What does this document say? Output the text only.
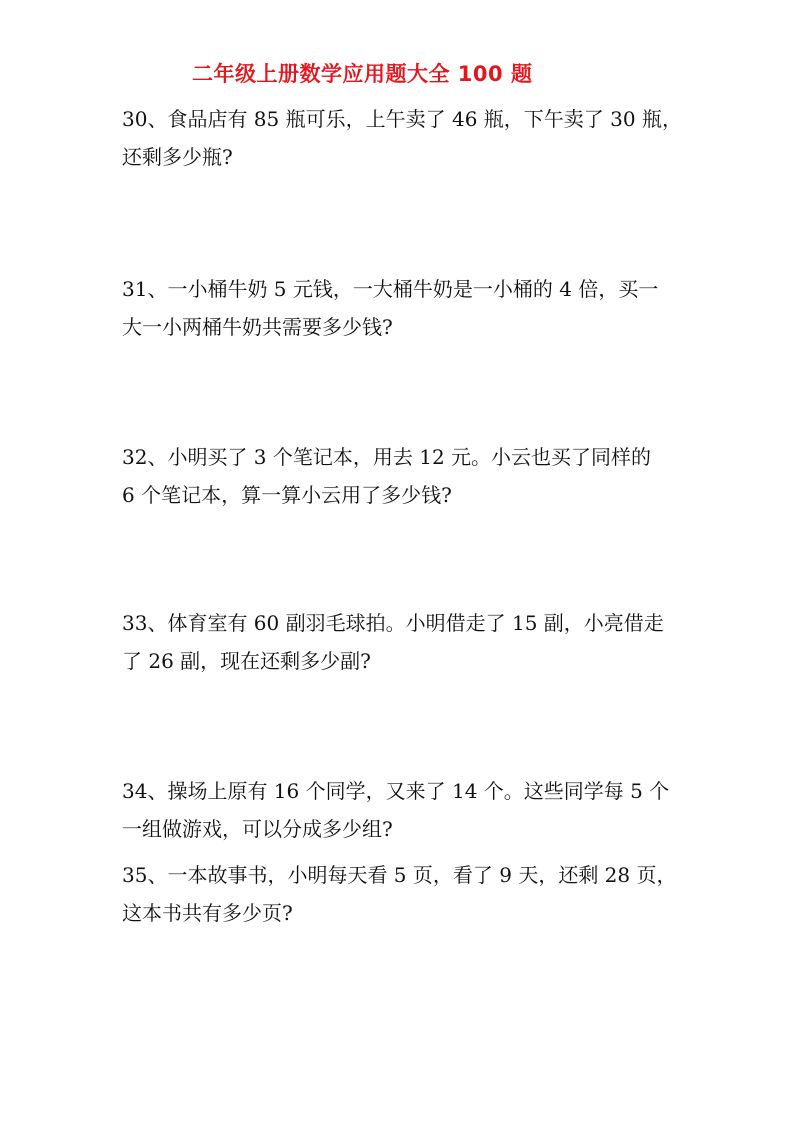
二年级上册数学应用题大全 100 题
30、食品店有 85 瓶可乐，上午卖了 46 瓶，下午卖了 30 瓶，
还剩多少瓶?
31、一小桶牛奶 5 元钱，一大桶牛奶是一小桶的 4 倍，买一
大一小两桶牛奶共需要多少钱?
32、小明买了 3 个笔记本，用去 12 元。小云也买了同样的
6 个笔记本，算一算小云用了多少钱?
33、体育室有 60 副羽毛球拍。小明借走了 15 副，小亮借走
了 26 副，现在还剩多少副?
34、操场上原有 16 个同学，又来了 14 个。这些同学每 5 个
一组做游戏，可以分成多少组?
35、一本故事书，小明每天看 5 页，看了 9 天，还剩 28 页，
这本书共有多少页?
